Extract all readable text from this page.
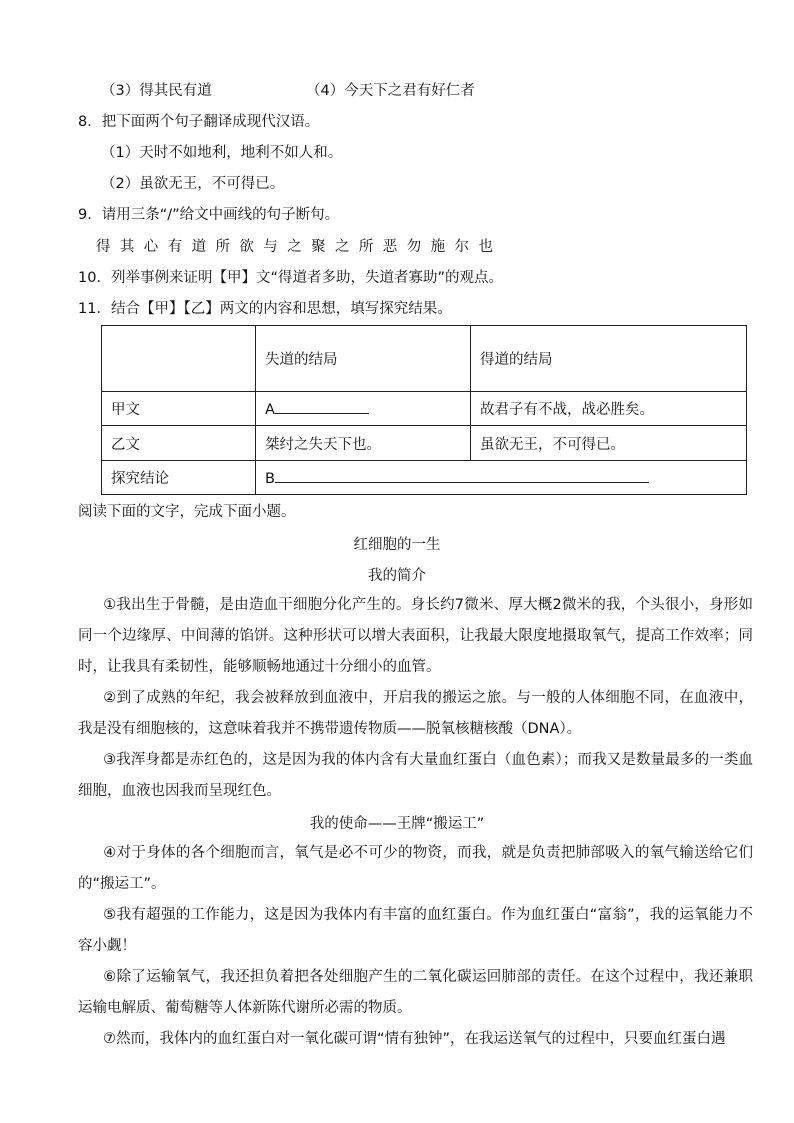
（3）得其民有道	（4）今天下之君有好仁者
8．把下面两个句子翻译成现代汉语。
（1）天时不如地利，地利不如人和。
（2）虽欲无王，不可得已。
9．请用三条“/”给文中画线的句子断句。
得其心有道所欲与之聚之所恶勿施尔也
10．列举事例来证明【甲】文“得道者多助，失道者寡助”的观点。
11．结合【甲】【乙】两文的内容和思想，填写探究结果。
	失道的结局	得道的结局
甲文	A	故君子有不战，战必胜矣。
乙文	桀纣之失天下也。	虽欲无王，不可得已。
探究结论	B	
阅读下面的文字，完成下面小题。
红细胞的一生
我的简介
①我出生于骨髓，是由造血干细胞分化产生的。身长约7微米、厚大概2微米的我，个头很小，身形如同一个边缘厚、中间薄的馅饼。这种形状可以增大表面积，让我最大限度地摄取氧气，提高工作效率；同时，让我具有柔韧性，能够顺畅地通过十分细小的血管。
②到了成熟的年纪，我会被释放到血液中，开启我的搬运之旅。与一般的人体细胞不同，在血液中，我是没有细胞核的，这意味着我并不携带遗传物质——脱氧核糖核酸（DNA）。
③我浑身都是赤红色的，这是因为我的体内含有大量血红蛋白（血色素）；而我又是数量最多的一类血细胞，血液也因我而呈现红色。
我的使命——王牌“搬运工”
④对于身体的各个细胞而言，氧气是必不可少的物资，而我，就是负责把肺部吸入的氧气输送给它们的“搬运工”。
⑤我有超强的工作能力，这是因为我体内有丰富的血红蛋白。作为血红蛋白“富翁”，我的运氧能力不容小觑！
⑥除了运输氧气，我还担负着把各处细胞产生的二氧化碳运回肺部的责任。在这个过程中，我还兼职运输电解质、葡萄糖等人体新陈代谢所必需的物质。
⑦然而，我体内的血红蛋白对一氧化碳可谓“情有独钟”，在我运送氧气的过程中，只要血红蛋白遇
